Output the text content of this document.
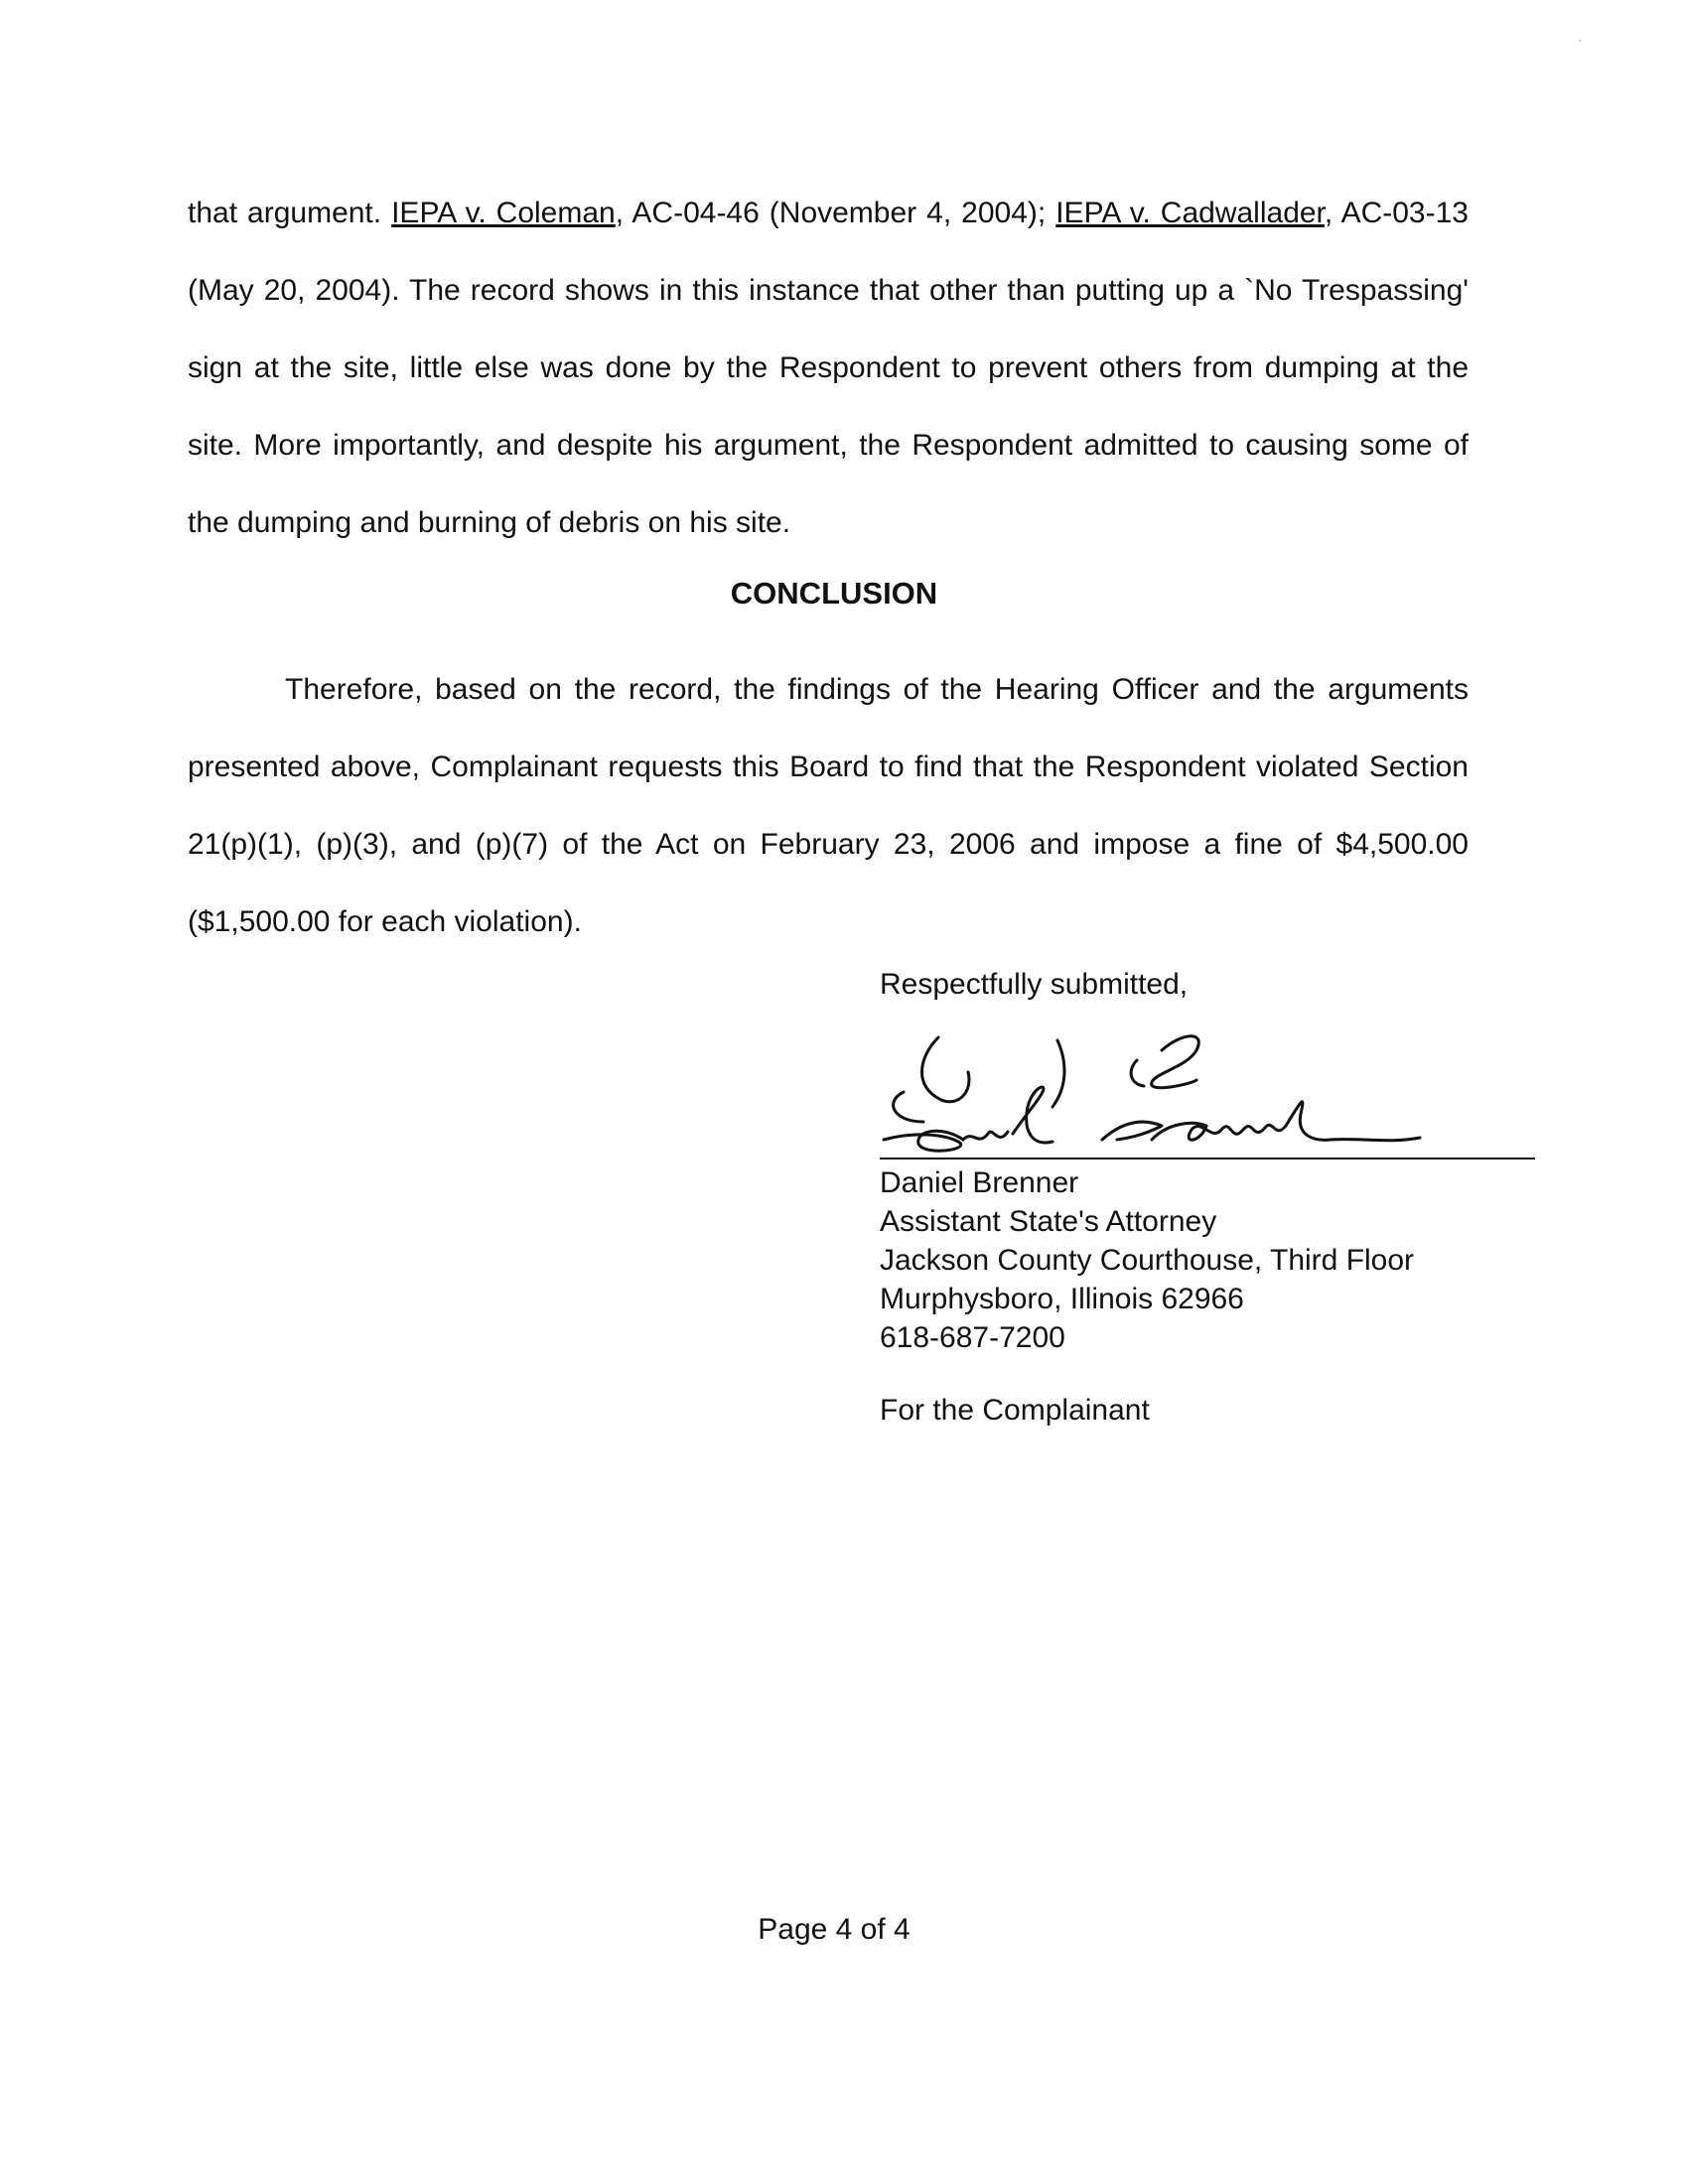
that argument. IEPA v. Coleman, AC-04-46 (November 4, 2004); IEPA v. Cadwallader, AC-03-13 (May 20, 2004). The record shows in this instance that other than putting up a `No Trespassing' sign at the site, little else was done by the Respondent to prevent others from dumping at the site. More importantly, and despite his argument, the Respondent admitted to causing some of the dumping and burning of debris on his site.

CONCLUSION

Therefore, based on the record, the findings of the Hearing Officer and the arguments presented above, Complainant requests this Board to find that the Respondent violated Section 21(p)(1), (p)(3), and (p)(7) of the Act on February 23, 2006 and impose a fine of $4,500.00 ($1,500.00 for each violation).

Respectfully submitted,

Daniel Brenner
Assistant State's Attorney
Jackson County Courthouse, Third Floor
Murphysboro, Illinois 62966
618-687-7200

For the Complainant

Page 4 of 4
